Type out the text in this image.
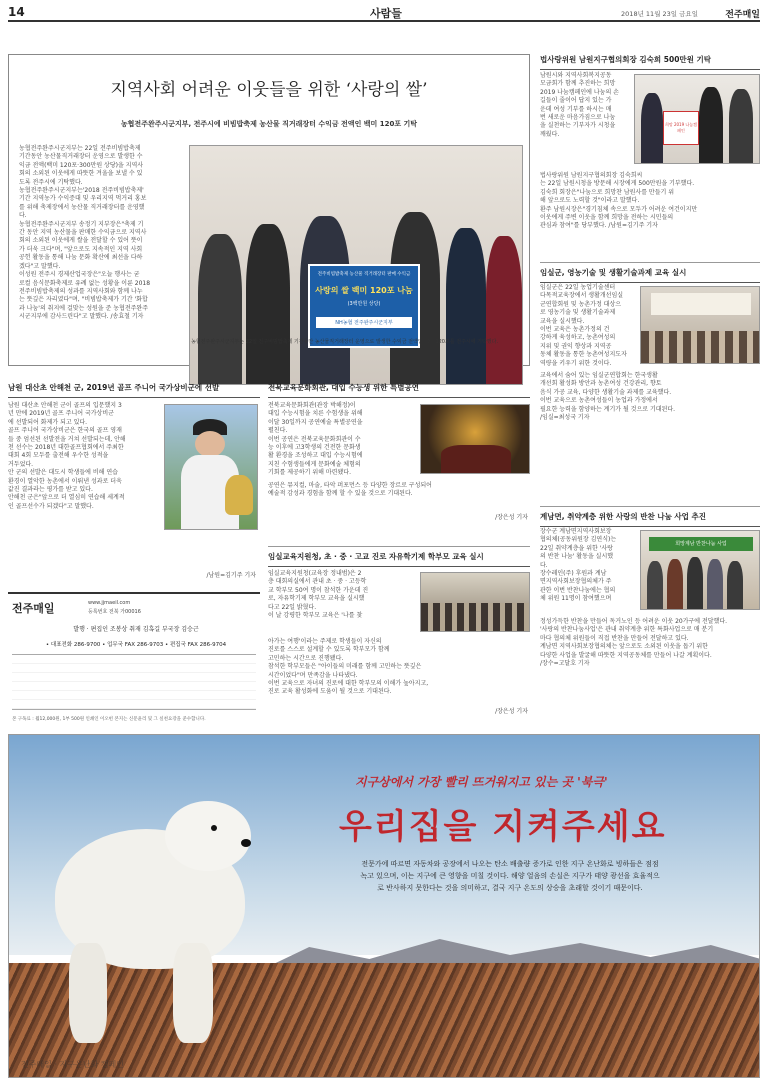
14	사람들	2018년 11월 23일 금요일	전주매일
지역사회 어려운 이웃들을 위한 ‘사랑의 쌀’
농협전주완주시군지부, 전주시에 비빔밥축제 농산물 직거래장터 수익금 전액인 백미 120포 기탁
농협전주완주시군지부는 22일 전주비빔밥축제
기간동안 농산물직거래장터 운영으로 발생한 수
익금 전액(백미 120포·300만원 상당)을 지역사
회의 소외된 이웃에게 따뜻한 겨울을 보낼 수 있
도록 전주시에 기탁했다.
농협전주완주시군지부는'2018 전주비빔밥축제'
기간 지역농가 수익증대 및 우리지역 먹거리 홍보
를 위해 축제장에서 농산물 직거래장터를 운영했
다.
농협전주완주시군지부 송정기 지부장은"축제 기
간 동안 지역 농산물을 판매한 수익금으로 지역사
회의 소외된 이웃에게 쌀을 전달할 수 있어 뜻이
가 더욱 크다"며, "앞으로도 지속적인 지역 사회
공헌 활동을 통해 나눔 문화 확산에 최선을 다하
겠다"고 말했다.
이성원 전주시 경제산업국장은"오늘 행사는 굳
로컬 음식문화축제로 유례 없는 성황을 이룬 2018
전주비빔밥축제의 성과를 지역사회와 함께 나누
는 뜻깊은 자리였다"며, "비빔밥축제가 기간 '화합
과 나눔'의 취지에 걸맞는 성원을 준 농협전주완주
시군지부에 감사드린다"고 말했다. /송효철 기자
전주비빔밥축제 농산물 직거래장터 판매 수익금
사랑의 쌀 백미 120포 나눔
(3백만원 상당)
NH농협 전주완주시군지부
농협전주완주시군지부는 22일 전주비빔밥축제 기간동안 농산물직거래장터 운영으로 발생한 수익금 전액인 백미 120포를 전주시에 기탁했다.
법사랑위원 남원지구협의회장 김숙희 500만원 기탁
남원시와 지역사회복지공동
모금회가 함께 추진하는 희망
2019 나눔캠페인에 나눔의 손
길들이 줄이어 답지 있는 가
운데 여성 기부를 하시는 매
번 새로운 마음가짐으로 나눔
을 실천하는 기부자가 시청을
깨웠다.
희망 2019 나눔캠페인
법사랑위원 남원지구협의회장 김숙희씨
는 22일 남원시청을 방문해 시장에게 500만원을 기부했다.
김숙희 회장은"나눔으로 희망찬 남원사를 만들기 위
해 앞으로도 노력할 것"이라고 말했다.
환주 남원시장은"경기침체 속으로 모두가 어려운 여건이지만
이웃에게 주변 이웃을 함께 희망을 전하는 시민들의
관심과 참여"를 당부했다. /남원=김기주 기자
임실군, 영농기술 및 생활기술과제 교육 실시
임실군은 22일 농업기술센터
다목적교육장에서 생활개선임실
군연합회원 및 농촌가정 대상으
로 영농기술 및 생활기술과제
교육을 실시했다.
이번 교육은 농촌가정의 건
강하게 육성하고, 농촌여성의
지위 및 권익 향상과 지역공
동체 활동을 통한 농촌여성지도자
역량을 키우기 위한 것이다.
교육에서 숨어 있는 임실군연합회는 한국생활
개선회 활성화 방안과 농촌여성 건강관리, 향토
음식 가공 교육, 다양한 생활기술 과제를 교육했다.
이번 교육으로 농촌여성들이 농업과 가정에서
필요한 능력을 함양하는 계기가 될 것으로 기대된다.
/임실=최성국 기자
계남면, 취약계층 위한 사랑의 반찬 나눔 사업 추진
장수군 계남면지역사회보장
협의체(공동위원장 김연식)는
22일 취약계층을 위한 '사랑
의 반찬 나눔' 활동을 실시했
다.
장수레인(주) 후원과 계남
면지역사회보장협의체가 주
관한 이번 반찬나눔에는 협의
체 위원 11명이 참여했으며
희망계남 반찬나눔 사업
정성가득한 반찬을 만들어 독거노인 등 어려운 이웃 20가구에 전달했다.
'사랑의 반찬나눔사업'은 관내 취약계층 위한 특화사업으로 매 분기
마다 협의체 위원들이 직접 반찬을 만들어 전달하고 있다.
계남면 지역사회보장협의체는 앞으로도 소외된 이웃을 돕기 위한
다양한 사업을 발굴해 따뜻한 지역공동체를 만들어 나갈 계획이다.
/장수=고달호 기자
남원 대산초 안해천 군, 2019년 골프 주니어 국가상비군에 선발
남원 대산초 안해천 군이 골프의 입문했지 3
년 만에 2019년 골프 주니어 국가상비군
에 선발되어 화제가 되고 있다.
골프 주니어 국가상비군은 한국의 골프 영재
들 중 엄선된 선발전을 거쳐 선발되는데, 안해
천 선수는 2018년 대한골프협회에서 주최한
대회 4회 모두를 출전해 우수한 성적을
거두었다.
안 군의 선발은 대도시 학생들에 비해 연습
환경이 열악한 농촌에서 이뤄낸 성과로 더욱
값진 결과라는 평가를 받고 있다.
안해천 군은"앞으로 더 열심히 연습해 세계적
인 골프선수가 되겠다"고 말했다.
/남원=김기주 기자
전북교육문화회관, 대입 수능생 위한 특별공연
전북교육문화회관(관장 박해정)이
대입 수능시험을 치른 수험생을 위해
이달 30일까지 공연예술 특별공연을
펼친다.
이번 공연은 전북교육문화회관이 수
능 이후에 고3학생의 건전한 문화생
활 환경을 조성하고 대입 수능시험에
지친 수험생들에게 문화예술 체험의
기회를 제공하기 위해 마련됐다.
공연은 뮤지컬, 마술, 타악 퍼포먼스 등 다양한 장르로 구성되어
예술적 감성과 경험을 함께 할 수 있을 것으로 기대된다.
/장은성 기자
임실교육지원청, 초 · 중 · 고교 진로 자유학기제 학부모 교육 실시
임실교육지원청(교육장 정내범)은 2
층 대회의실에서 관내 초 · 중 · 고등학
교 학부모 50여 명이 참석한 가운데 진
로, 자유학기제 학부모 교육을 실시했
다고 22일 밝혔다.
이 날 강평한 학부모 교육은 '나를 찾
아가는 여행'이라는 주제로 학생들이 자신의
진로를 스스로 설계할 수 있도록 학부모가 함께
고민하는 시간으로 진행됐다.
참석한 학부모들은 "아이들의 미래를 함께 고민하는 뜻깊은
시간이었다"며 만족감을 나타냈다.
이번 교육으로 자녀의 진로에 대한 학부모의 이해가 높아지고,
진로 교육 활성화에 도움이 될 것으로 기대된다.
/장은성 기자
전주매일	www.jjmaeil.com
등록번호 전북 가00016
발행 · 편집인 조봉상 취재 김혹길 부국장 김승근
• 대표전화 286-9700 • 업무국 FAX 286-9703 • 편집국 FAX 286-9704
본 구독료 : 월12,000원, 1부 500원 인쇄인 이오헌 본지는 신문윤리 및 그 실천요강을 준수합니다.
지구상에서 가장 빨리 뜨거워지고 있는 곳 '북극'
우리집을 지켜주세요
전문가에 따르면 자동차와 공장에서 나오는 탄소 배출량 증가로 인한 지구 온난화로 빙하들은 점점
녹고 있으며, 이는 지구에 큰 영향을 미칠 것이다. 해양 얼음의 손실은 지구가 태양 광선을 효율적으
로 반사하지 못한다는 것을 의미하고, 결국 지구 온도의 상승을 초래할 것이기 때문이다.
전주매일 · 지구온난화 캠페인
